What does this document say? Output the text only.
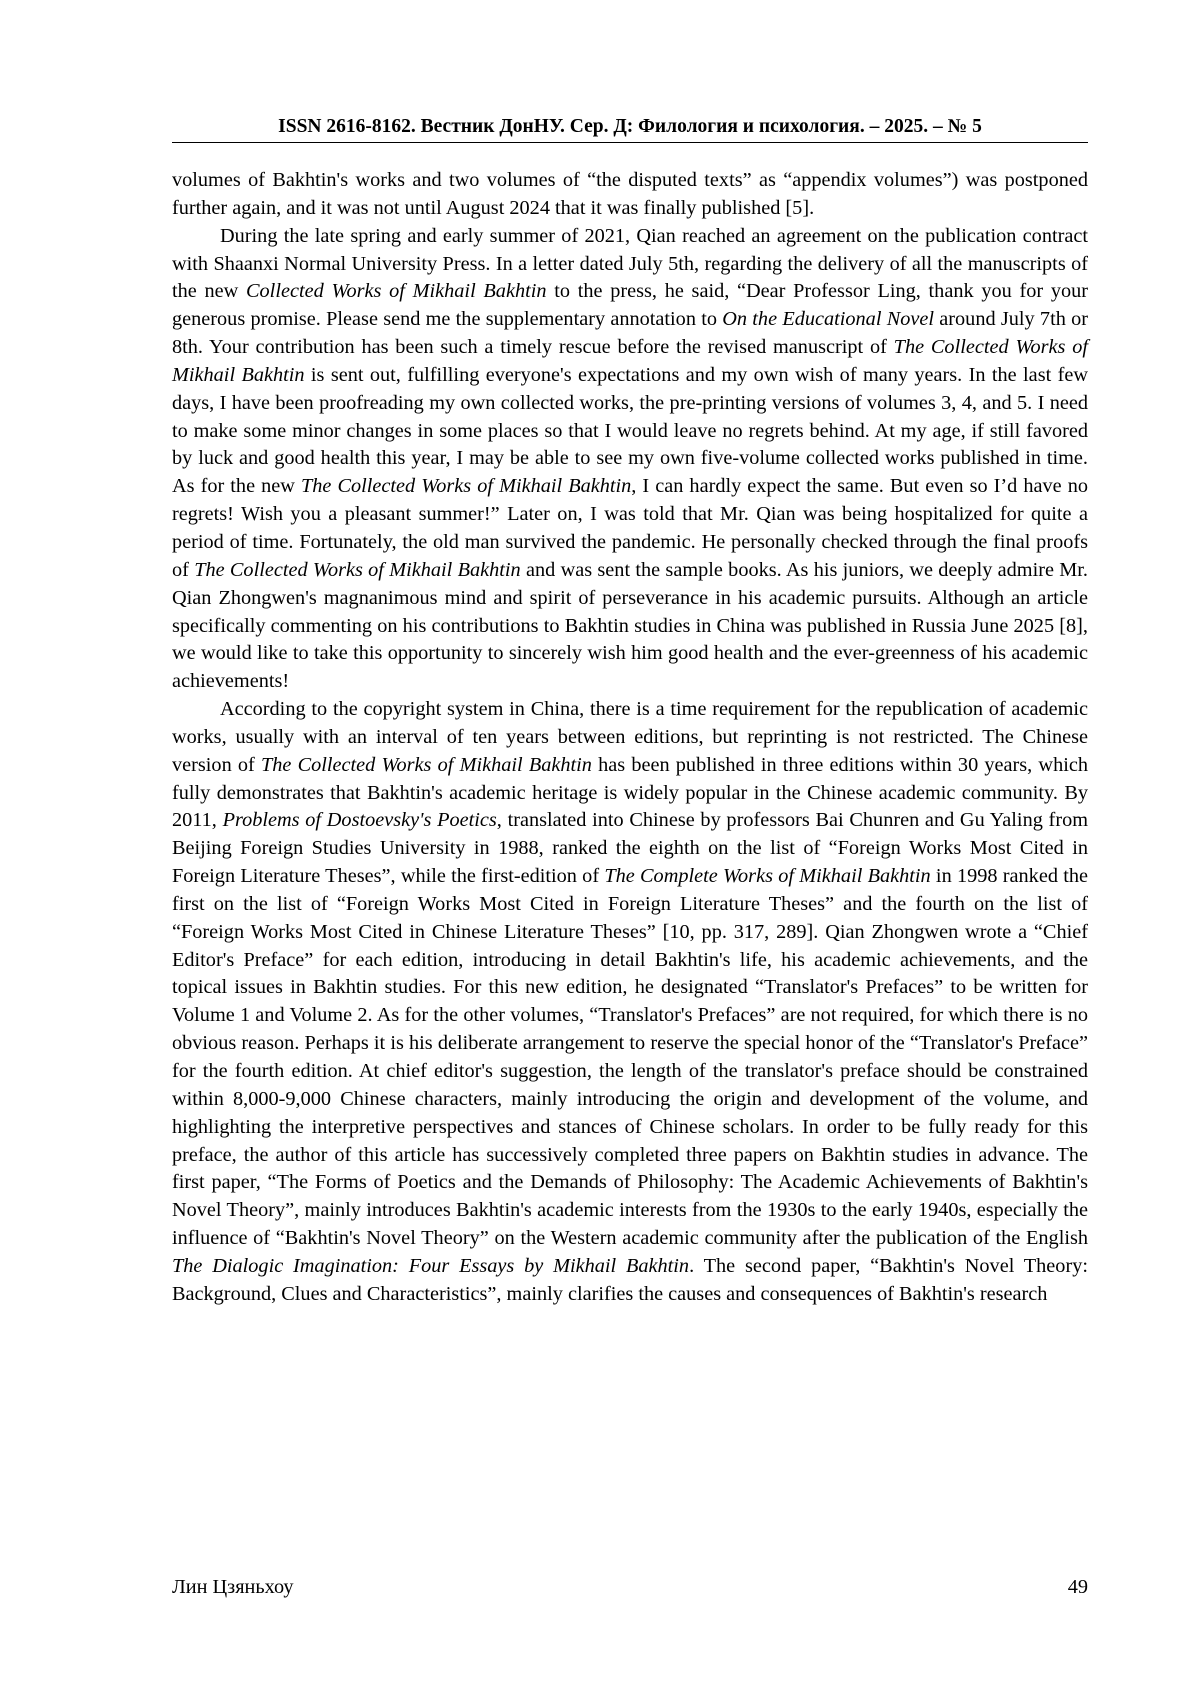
ISSN 2616-8162. Вестник ДонНУ. Сер. Д: Филология и психология. – 2025. – № 5

volumes of Bakhtin's works and two volumes of “the disputed texts” as “appendix volumes”) was postponed further again, and it was not until August 2024 that it was finally published [5].

During the late spring and early summer of 2021, Qian reached an agreement on the publication contract with Shaanxi Normal University Press. In a letter dated July 5th, regarding the delivery of all the manuscripts of the new Collected Works of Mikhail Bakhtin to the press, he said, “Dear Professor Ling, thank you for your generous promise. Please send me the supplementary annotation to On the Educational Novel around July 7th or 8th. Your contribution has been such a timely rescue before the revised manuscript of The Collected Works of Mikhail Bakhtin is sent out, fulfilling everyone's expectations and my own wish of many years. In the last few days, I have been proofreading my own collected works, the pre-printing versions of volumes 3, 4, and 5. I need to make some minor changes in some places so that I would leave no regrets behind. At my age, if still favored by luck and good health this year, I may be able to see my own five-volume collected works published in time. As for the new The Collected Works of Mikhail Bakhtin, I can hardly expect the same. But even so I’d have no regrets! Wish you a pleasant summer!” Later on, I was told that Mr. Qian was being hospitalized for quite a period of time. Fortunately, the old man survived the pandemic. He personally checked through the final proofs of The Collected Works of Mikhail Bakhtin and was sent the sample books. As his juniors, we deeply admire Mr. Qian Zhongwen's magnanimous mind and spirit of perseverance in his academic pursuits. Although an article specifically commenting on his contributions to Bakhtin studies in China was published in Russia June 2025 [8], we would like to take this opportunity to sincerely wish him good health and the ever-greenness of his academic achievements!

According to the copyright system in China, there is a time requirement for the republication of academic works, usually with an interval of ten years between editions, but reprinting is not restricted. The Chinese version of The Collected Works of Mikhail Bakhtin has been published in three editions within 30 years, which fully demonstrates that Bakhtin's academic heritage is widely popular in the Chinese academic community. By 2011, Problems of Dostoevsky's Poetics, translated into Chinese by professors Bai Chunren and Gu Yaling from Beijing Foreign Studies University in 1988, ranked the eighth on the list of “Foreign Works Most Cited in Foreign Literature Theses”, while the first-edition of The Complete Works of Mikhail Bakhtin in 1998 ranked the first on the list of “Foreign Works Most Cited in Foreign Literature Theses” and the fourth on the list of “Foreign Works Most Cited in Chinese Literature Theses” [10, pp. 317, 289]. Qian Zhongwen wrote a “Chief Editor's Preface” for each edition, introducing in detail Bakhtin's life, his academic achievements, and the topical issues in Bakhtin studies. For this new edition, he designated “Translator's Prefaces” to be written for Volume 1 and Volume 2. As for the other volumes, “Translator's Prefaces” are not required, for which there is no obvious reason. Perhaps it is his deliberate arrangement to reserve the special honor of the “Translator's Preface” for the fourth edition. At chief editor's suggestion, the length of the translator's preface should be constrained within 8,000-9,000 Chinese characters, mainly introducing the origin and development of the volume, and highlighting the interpretive perspectives and stances of Chinese scholars. In order to be fully ready for this preface, the author of this article has successively completed three papers on Bakhtin studies in advance. The first paper, “The Forms of Poetics and the Demands of Philosophy: The Academic Achievements of Bakhtin's Novel Theory”, mainly introduces Bakhtin's academic interests from the 1930s to the early 1940s, especially the influence of “Bakhtin's Novel Theory” on the Western academic community after the publication of the English The Dialogic Imagination: Four Essays by Mikhail Bakhtin. The second paper, “Bakhtin's Novel Theory: Background, Clues and Characteristics”, mainly clarifies the causes and consequences of Bakhtin's research

Лин Цзяньхоу	49
